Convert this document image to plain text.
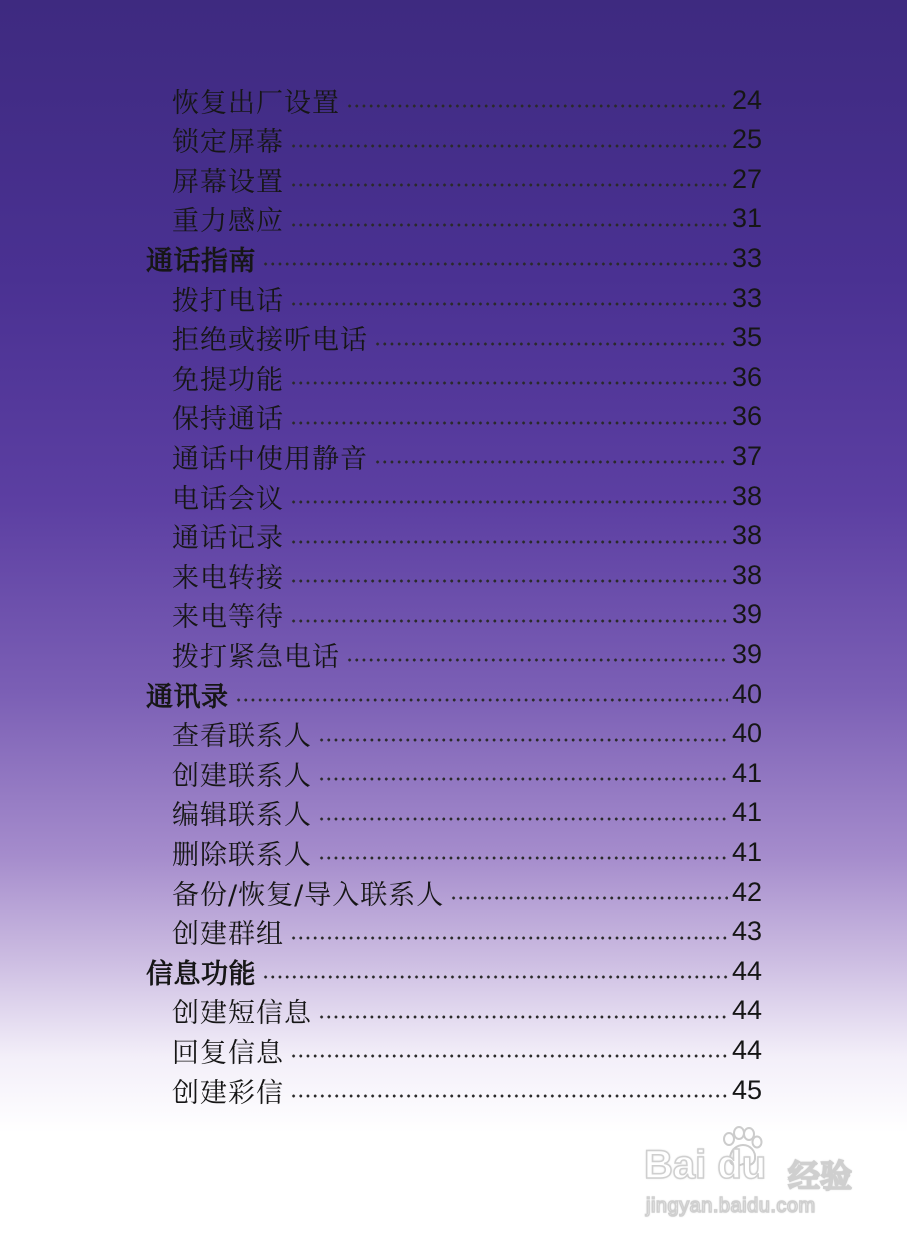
恢复出厂设置	24
锁定屏幕	25
屏幕设置	27
重力感应	31
通话指南	33
拨打电话	33
拒绝或接听电话	35
免提功能	36
保持通话	36
通话中使用静音	37
电话会议	38
通话记录	38
来电转接	38
来电等待	39
拨打紧急电话	39
通讯录	40
查看联系人	40
创建联系人	41
编辑联系人	41
删除联系人	41
备份/恢复/导入联系人	42
创建群组	43
信息功能	44
创建短信息	44
回复信息	44
创建彩信	45
Bai du 经验
jingyan.baidu.com
